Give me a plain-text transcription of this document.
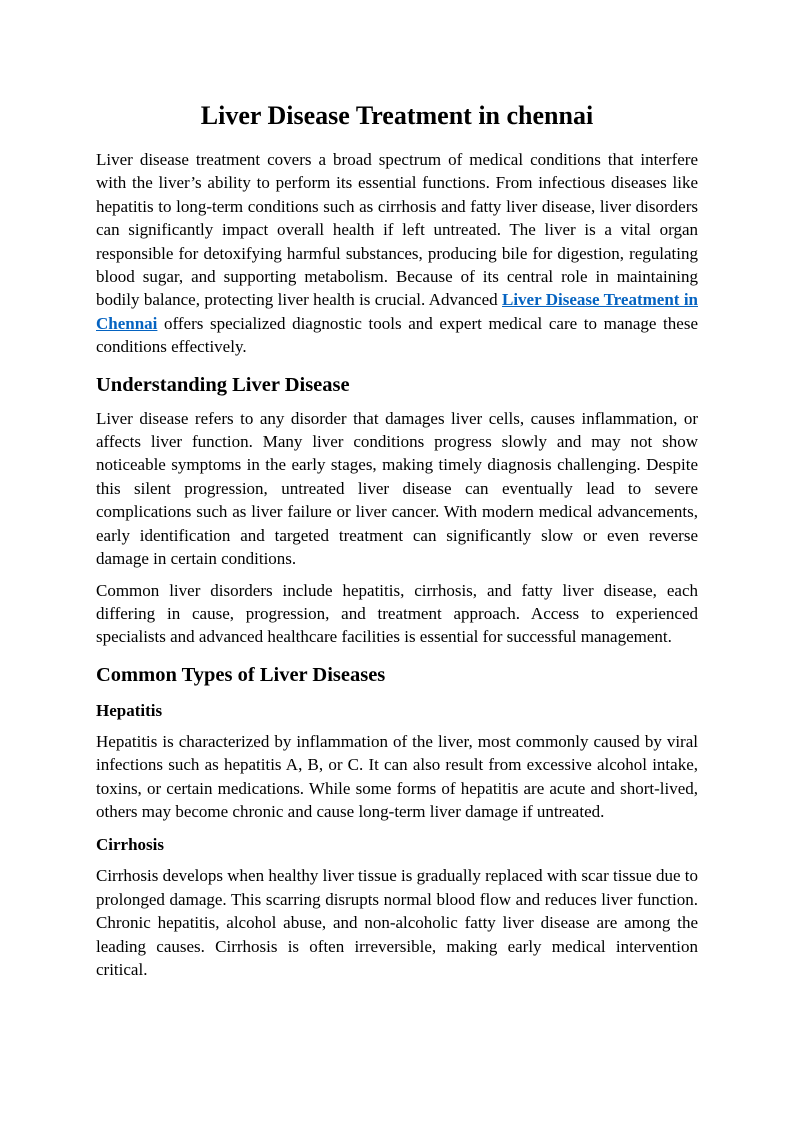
Liver Disease Treatment in chennai

Liver disease treatment covers a broad spectrum of medical conditions that interfere with the liver’s ability to perform its essential functions. From infectious diseases like hepatitis to long-term conditions such as cirrhosis and fatty liver disease, liver disorders can significantly impact overall health if left untreated. The liver is a vital organ responsible for detoxifying harmful substances, producing bile for digestion, regulating blood sugar, and supporting metabolism. Because of its central role in maintaining bodily balance, protecting liver health is crucial. Advanced Liver Disease Treatment in Chennai offers specialized diagnostic tools and expert medical care to manage these conditions effectively.

Understanding Liver Disease

Liver disease refers to any disorder that damages liver cells, causes inflammation, or affects liver function. Many liver conditions progress slowly and may not show noticeable symptoms in the early stages, making timely diagnosis challenging. Despite this silent progression, untreated liver disease can eventually lead to severe complications such as liver failure or liver cancer. With modern medical advancements, early identification and targeted treatment can significantly slow or even reverse damage in certain conditions.

Common liver disorders include hepatitis, cirrhosis, and fatty liver disease, each differing in cause, progression, and treatment approach. Access to experienced specialists and advanced healthcare facilities is essential for successful management.

Common Types of Liver Diseases
Hepatitis

Hepatitis is characterized by inflammation of the liver, most commonly caused by viral infections such as hepatitis A, B, or C. It can also result from excessive alcohol intake, toxins, or certain medications. While some forms of hepatitis are acute and short-lived, others may become chronic and cause long-term liver damage if untreated.

Cirrhosis

Cirrhosis develops when healthy liver tissue is gradually replaced with scar tissue due to prolonged damage. This scarring disrupts normal blood flow and reduces liver function. Chronic hepatitis, alcohol abuse, and non-alcoholic fatty liver disease are among the leading causes. Cirrhosis is often irreversible, making early medical intervention critical.
